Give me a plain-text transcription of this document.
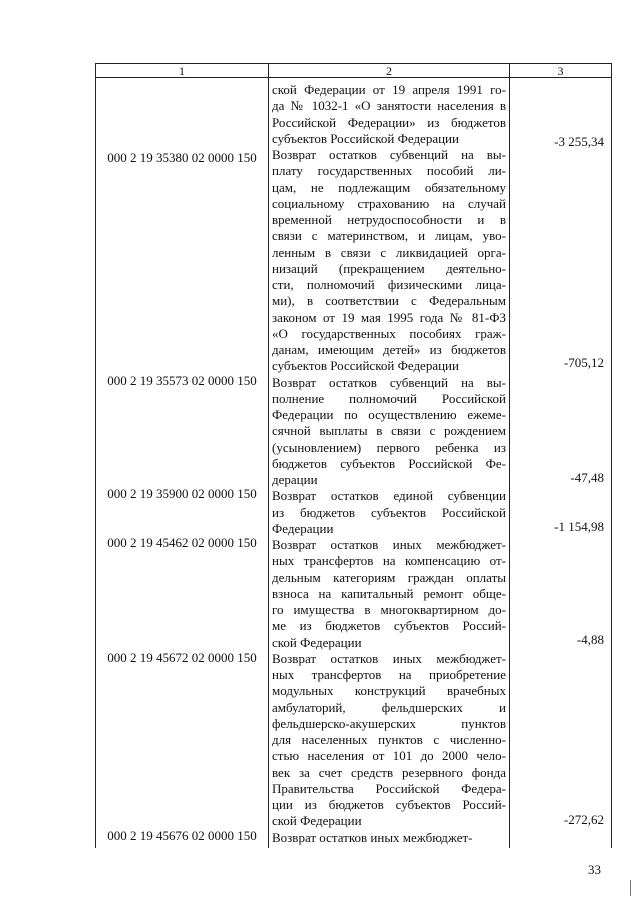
1	2	3
000 2 19 35380 02 0000 150
000 2 19 35573 02 0000 150
000 2 19 35900 02 0000 150
000 2 19 45462 02 0000 150
000 2 19 45672 02 0000 150
000 2 19 45676 02 0000 150
-3 255,34
-705,12
-47,48
-1 154,98
-4,88
-272,62
ской Федерации от 19 апреля 1991 го-
да № 1032-1 «О занятости населения в
Российской Федерации» из бюджетов
субъектов Российской Федерации
Возврат остатков субвенций на вы-
плату государственных пособий ли-
цам, не подлежащим обязательному
социальному страхованию на случай
временной нетрудоспособности и в
связи с материнством, и лицам, уво-
ленным в связи с ликвидацией орга-
низаций (прекращением деятельно-
сти, полномочий физическими лица-
ми), в соответствии с Федеральным
законом от 19 мая 1995 года № 81-ФЗ
«О государственных пособиях граж-
данам, имеющим детей» из бюджетов
субъектов Российской Федерации
Возврат остатков субвенций на вы-
полнение полномочий Российской
Федерации по осуществлению ежеме-
сячной выплаты в связи с рождением
(усыновлением) первого ребенка из
бюджетов субъектов Российской Фе-
дерации
Возврат остатков единой субвенции
из бюджетов субъектов Российской
Федерации
Возврат остатков иных межбюджет-
ных трансфертов на компенсацию от-
дельным категориям граждан оплаты
взноса на капитальный ремонт обще-
го имущества в многоквартирном до-
ме из бюджетов субъектов Россий-
ской Федерации
Возврат остатков иных межбюджет-
ных трансфертов на приобретение
модульных конструкций врачебных
амбулаторий, фельдшерских и
фельдшерско-акушерских пунктов
для населенных пунктов с численно-
стью населения от 101 до 2000 чело-
век за счет средств резервного фонда
Правительства Российской Федера-
ции из бюджетов субъектов Россий-
ской Федерации
Возврат остатков иных межбюджет-
33
